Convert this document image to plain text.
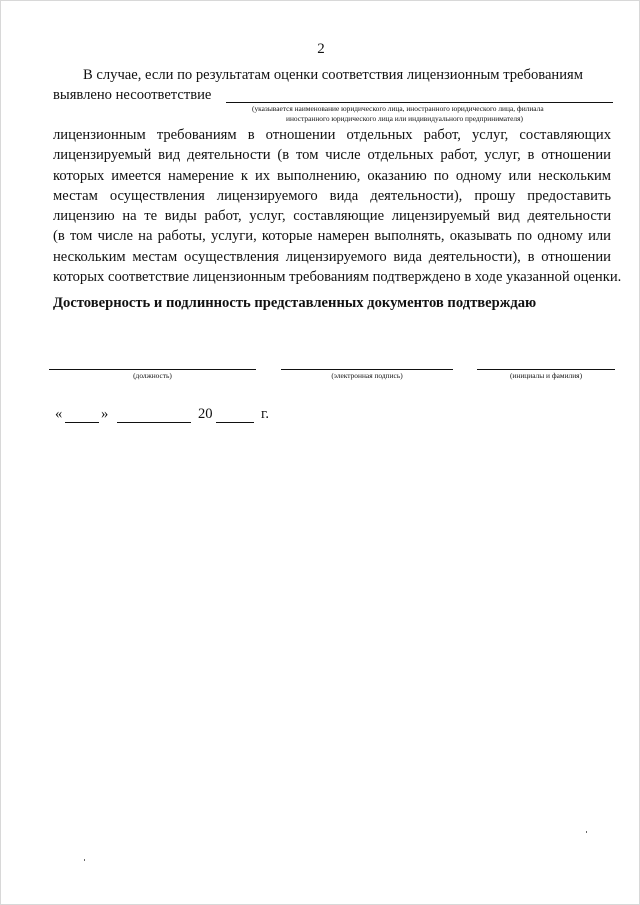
2
В случае, если по результатам оценки соответствия лицензионным требованиям
выявлено несоответствие
(указывается наименование юридического лица, иностранного юридического лица, филиала
иностранного юридического лица или индивидуального предпринимателя)
лицензионным требованиям в отношении отдельных работ, услуг, составляющих
лицензируемый вид деятельности (в том числе отдельных работ, услуг, в отношении
которых имеется намерение к их выполнению, оказанию по одному или нескольким
местам осуществления лицензируемого вида деятельности), прошу предоставить
лицензию на те виды работ, услуг, составляющие лицензируемый вид деятельности
(в том числе на работы, услуги, которые намерен выполнять, оказывать по одному или
нескольким местам осуществления лицензируемого вида деятельности), в отношении
которых соответствие лицензионным требованиям подтверждено в ходе указанной оценки.
Достоверность и подлинность представленных документов подтверждаю
(должность)	(электронная подпись)	(инициалы и фамилия)
«	»	20	г.
